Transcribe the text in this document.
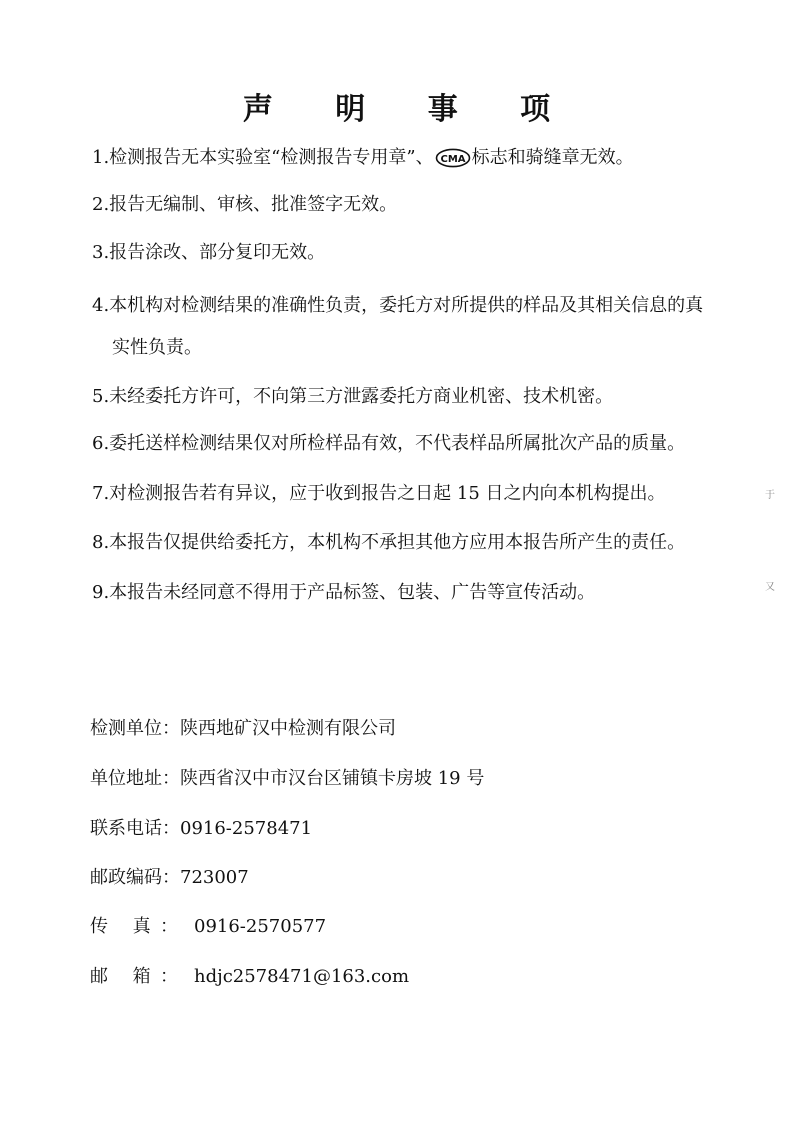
声 明 事 项
1.检测报告无本实验室“检测报告专用章”、 CMA 标志和骑缝章无效。
2.报告无编制、审核、批准签字无效。
3.报告涂改、部分复印无效。
4.本机构对检测结果的准确性负责，委托方对所提供的样品及其相关信息的真
实性负责。
5.未经委托方许可，不向第三方泄露委托方商业机密、技术机密。
6.委托送样检测结果仅对所检样品有效，不代表样品所属批次产品的质量。
7.对检测报告若有异议，应于收到报告之日起 15 日之内向本机构提出。
8.本报告仅提供给委托方，本机构不承担其他方应用本报告所产生的责任。
9.本报告未经同意不得用于产品标签、包装、广告等宣传活动。
检测单位：陕西地矿汉中检测有限公司
单位地址：陕西省汉中市汉台区铺镇卡房坡 19 号
联系电话：0916-2578471
邮政编码：723007
传 真： 0916-2570577
邮 箱： hdjc2578471@163.com
于
又
